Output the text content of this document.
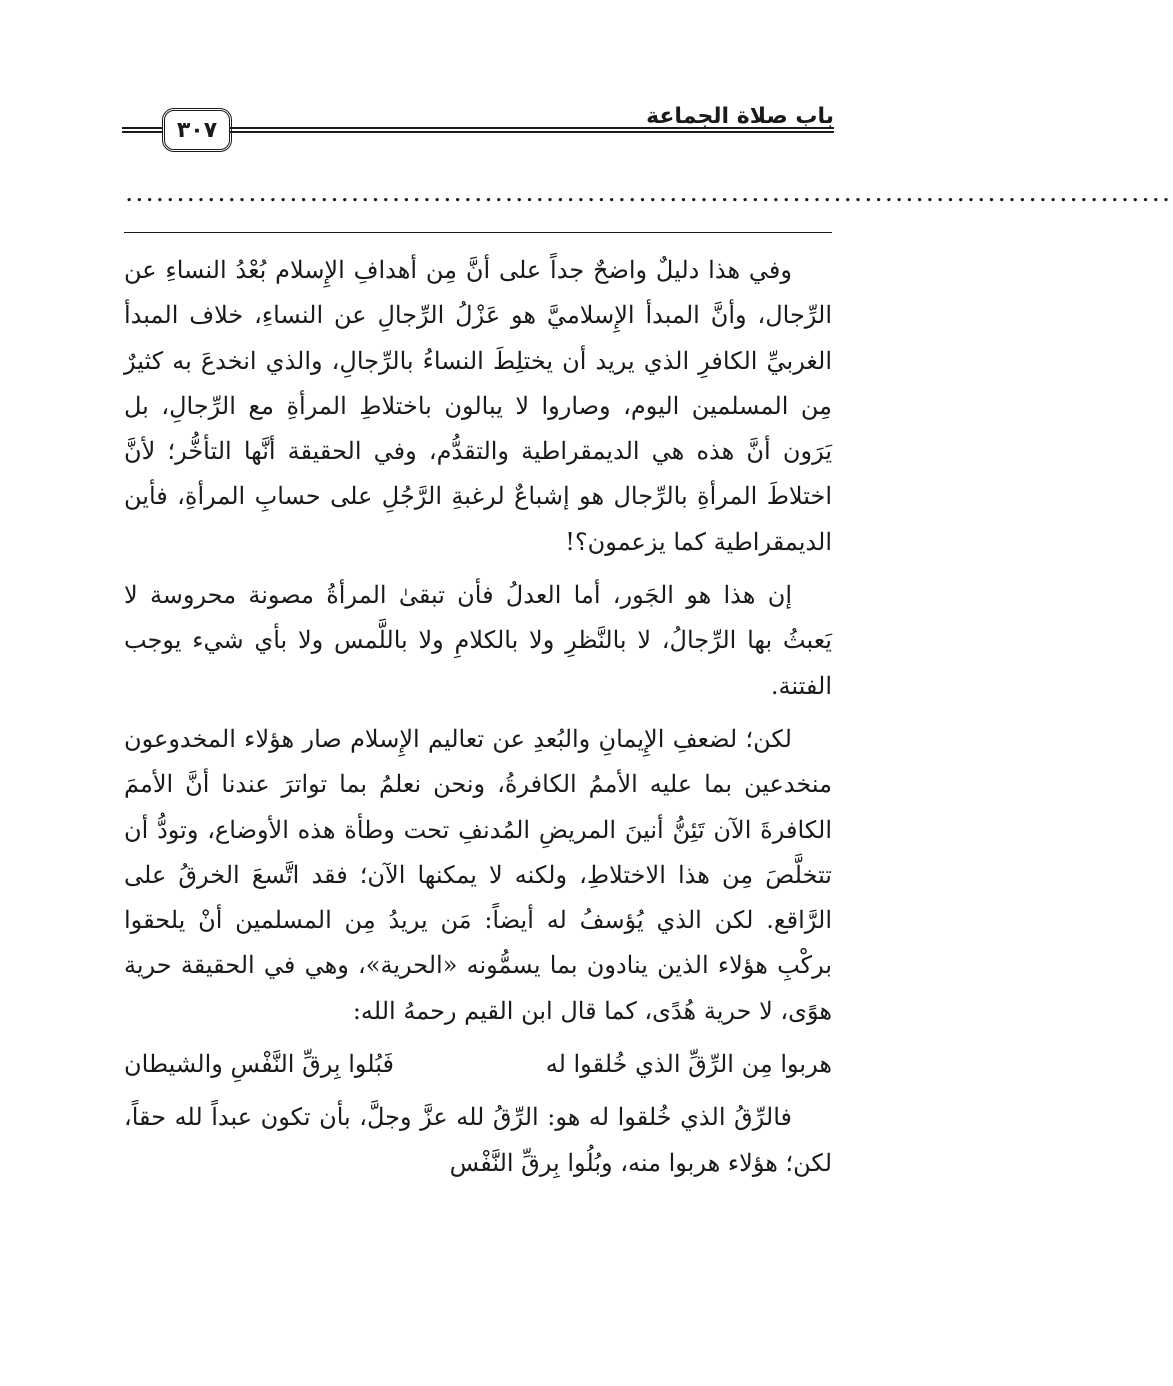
٣٠٧
باب صلاة الجماعة
......................................................................................................

وفي هذا دليلٌ واضحٌ جداً على أنَّ مِن أهدافِ الإِسلام بُعْدُ النساءِ عن الرِّجال، وأنَّ المبدأ الإِسلاميَّ هو عَزْلُ الرِّجالِ عن النساءِ، خلاف المبدأ الغربيِّ الكافرِ الذي يريد أن يختلِطَ النساءُ بالرِّجالِ، والذي انخدعَ به كثيرٌ مِن المسلمين اليوم، وصاروا لا يبالون باختلاطِ المرأةِ مع الرِّجالِ، بل يَرَون أنَّ هذه هي الديمقراطية والتقدُّم، وفي الحقيقة أنَّها التأخُّر؛ لأنَّ اختلاطَ المرأةِ بالرِّجال هو إشباعٌ لرغبةِ الرَّجُلِ على حسابِ المرأةِ، فأين الديمقراطية كما يزعمون؟!

إن هذا هو الجَور، أما العدلُ فأن تبقىٰ المرأةُ مصونة محروسة لا يَعبثُ بها الرِّجالُ، لا بالنَّظرِ ولا بالكلامِ ولا باللَّمس ولا بأي شيء يوجب الفتنة.

لكن؛ لضعفِ الإِيمانِ والبُعدِ عن تعاليم الإِسلام صار هؤلاء المخدوعون منخدعين بما عليه الأممُ الكافرةُ، ونحن نعلمُ بما تواترَ عندنا أنَّ الأممَ الكافرةَ الآن تَئِنُّ أنينَ المريضِ المُدنفِ تحت وطأة هذه الأوضاع، وتودُّ أن تتخلَّصَ مِن هذا الاختلاطِ، ولكنه لا يمكنها الآن؛ فقد اتَّسعَ الخرقُ على الرَّاقع. لكن الذي يُؤسفُ له أيضاً: مَن يريدُ مِن المسلمين أنْ يلحقوا بركْبِ هؤلاء الذين ينادون بما يسمُّونه «الحرية»، وهي في الحقيقة حرية هوًى، لا حرية هُدًى، كما قال ابن القيم رحمهُ الله:

هربوا مِن الرِّقِّ الذي خُلقوا له
فَبُلوا بِرقِّ النَّفْسِ والشيطان

فالرِّقُ الذي خُلقوا له هو: الرِّقُ لله عزَّ وجلَّ، بأن تكون عبداً لله حقاً، لكن؛ هؤلاء هربوا منه، وبُلُوا بِرقِّ النَّفْس
